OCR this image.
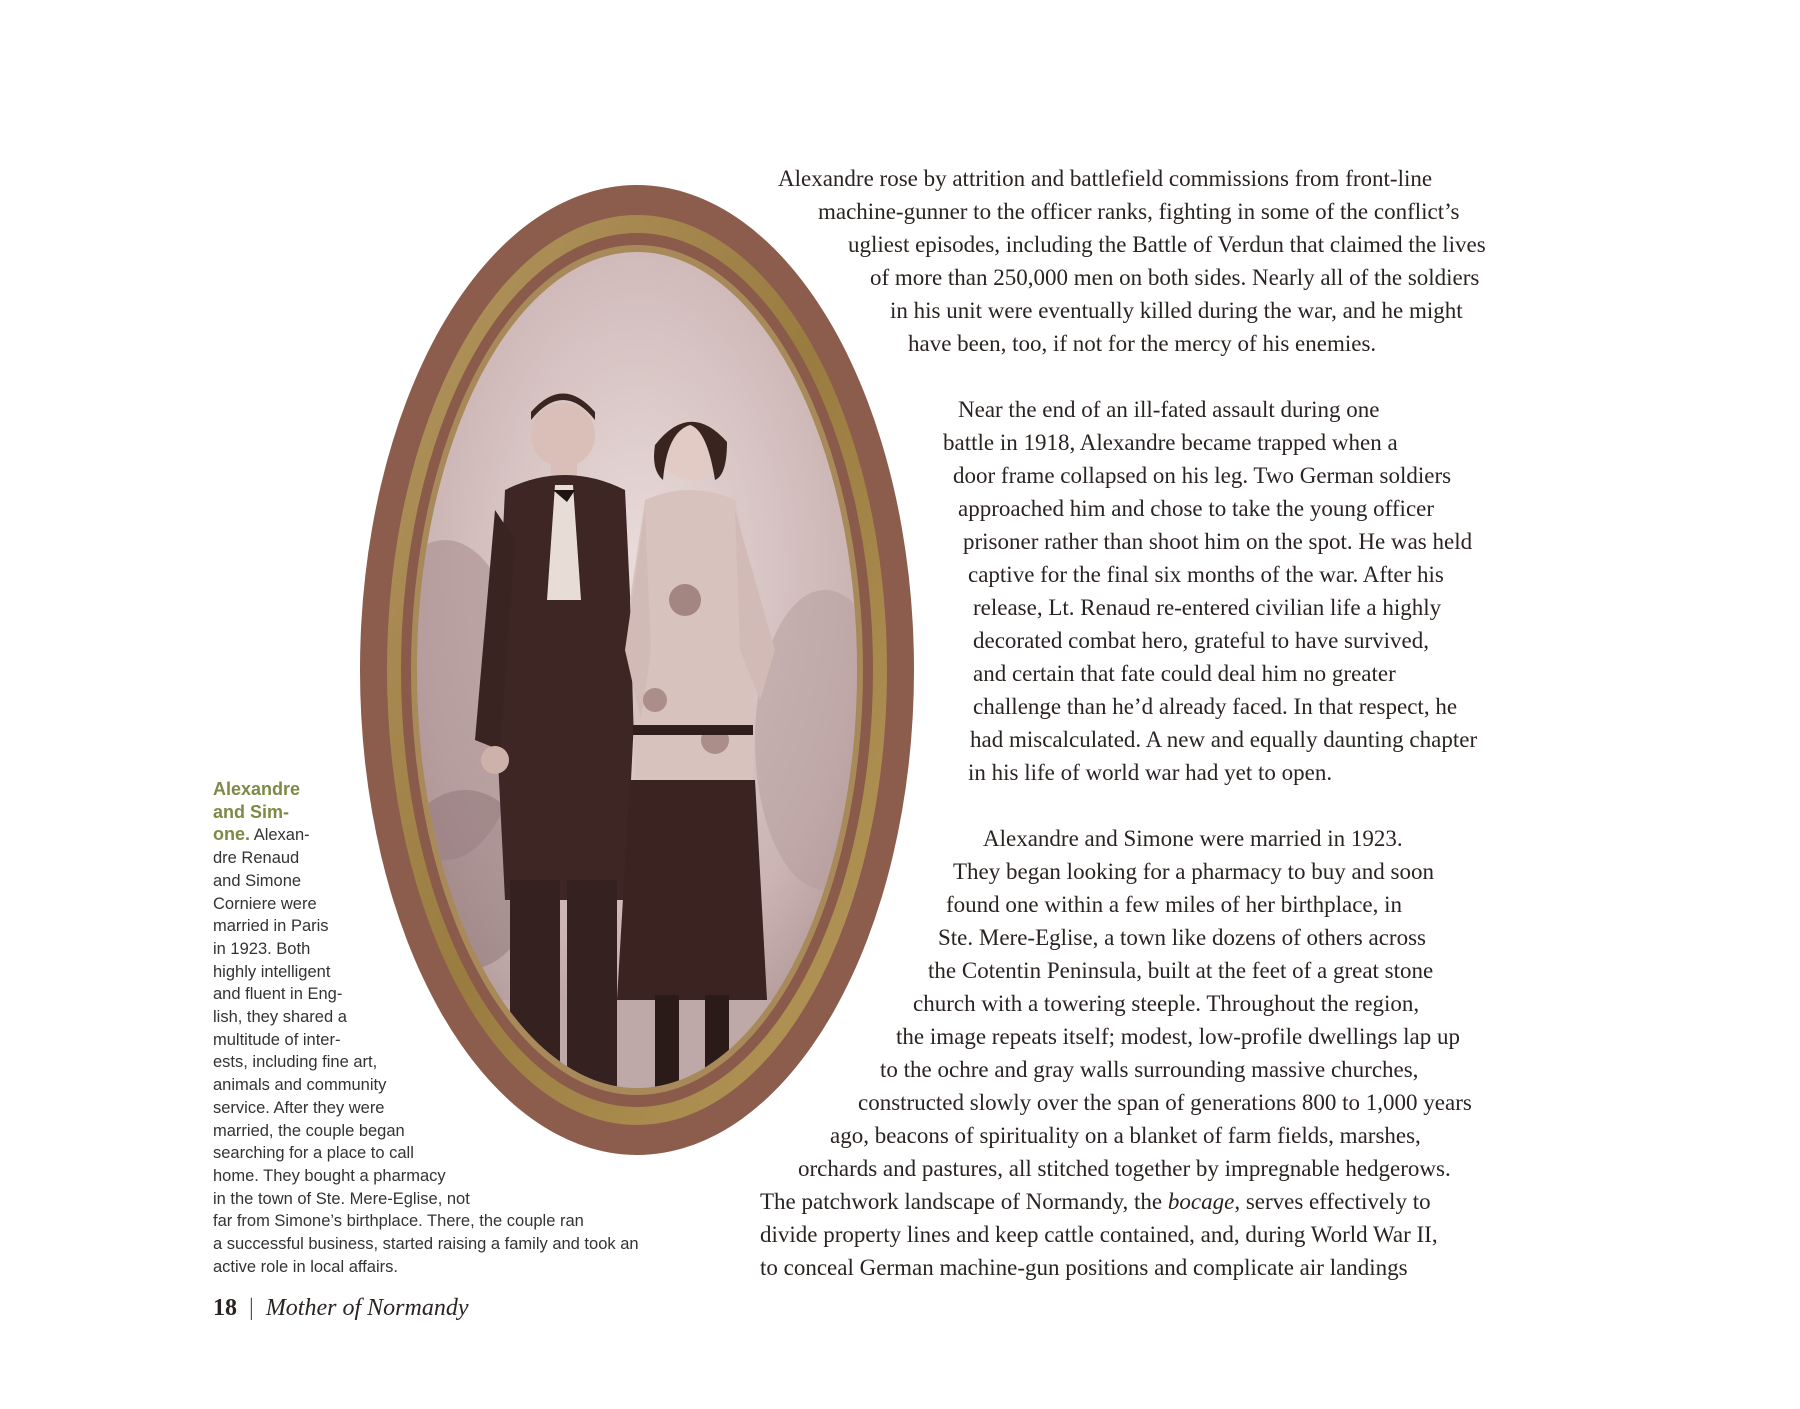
Alexandre rose by attrition and battlefield commissions from front-line
machine-gunner to the officer ranks, fighting in some of the conflict’s
ugliest episodes, including the Battle of Verdun that claimed the lives
of more than 250,000 men on both sides. Nearly all of the soldiers
in his unit were eventually killed during the war, and he might
have been, too, if not for the mercy of his enemies.
Near the end of an ill-fated assault during one
battle in 1918, Alexandre became trapped when a
door frame collapsed on his leg. Two German soldiers
approached him and chose to take the young officer
prisoner rather than shoot him on the spot. He was held
captive for the final six months of the war. After his
release, Lt. Renaud re-entered civilian life a highly
decorated combat hero, grateful to have survived,
and certain that fate could deal him no greater
challenge than he’d already faced. In that respect, he
had miscalculated. A new and equally daunting chapter
in his life of world war had yet to open.
Alexandre and Simone were married in 1923.
They began looking for a pharmacy to buy and soon
found one within a few miles of her birthplace, in
Ste. Mere-Eglise, a town like dozens of others across
the Cotentin Peninsula, built at the feet of a great stone
church with a towering steeple. Throughout the region,
the image repeats itself; modest, low-profile dwellings lap up
to the ochre and gray walls surrounding massive churches,
constructed slowly over the span of generations 800 to 1,000 years
ago, beacons of spirituality on a blanket of farm fields, marshes,
orchards and pastures, all stitched together by impregnable hedgerows.
The patchwork landscape of Normandy, the bocage, serves effectively to
divide property lines and keep cattle contained, and, during World War II,
to conceal German machine-gun positions and complicate air landings
Alexandre
and Sim-
one. Alexan-
dre Renaud
and Simone
Corniere were
married in Paris
in 1923. Both
highly intelligent
and fluent in Eng-
lish, they shared a
multitude of inter-
ests, including fine art,
animals and community
service. After they were
married, the couple began
searching for a place to call
home. They bought a pharmacy
in the town of Ste. Mere-Eglise, not
far from Simone’s birthplace. There, the couple ran
a successful business, started raising a family and took an
active role in local affairs.
18 | Mother of Normandy
